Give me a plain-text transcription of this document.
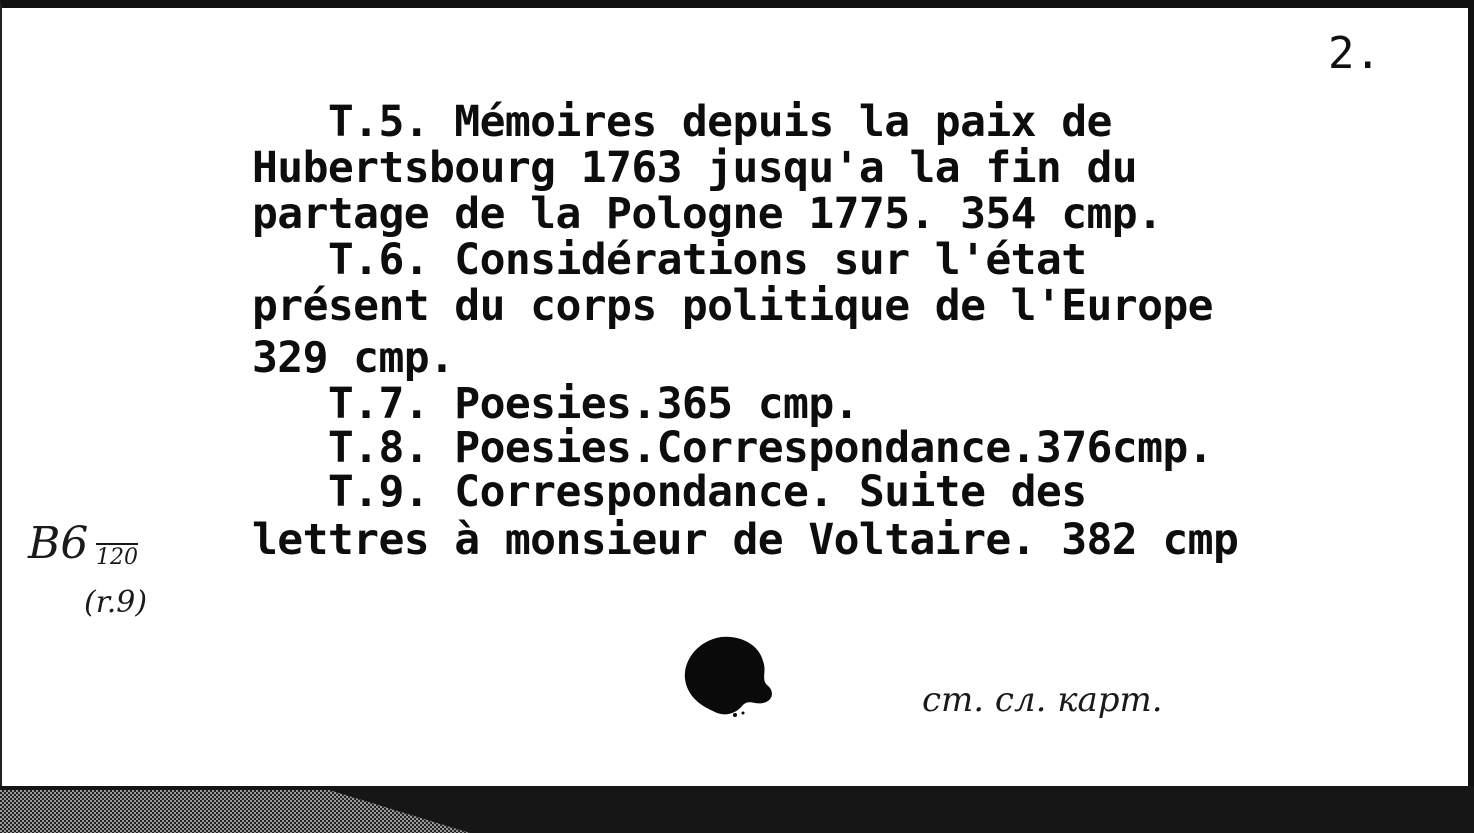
2.
T.5. Mémoires depuis la paix de
Hubertsbourg 1763 jusqu'a la fin du
partage de la Pologne 1775. 354 cmp.
T.6. Considérations sur l'état
présent du corps politique de l'Europe
329 cmp.
T.7. Poesies.365 cmp.
T.8. Poesies.Correspondance.376cmp.
T.9. Correspondance. Suite des
lettres à monsieur de Voltaire. 382 cmp
B6 120
(r.9)
cm. cл. карт.
